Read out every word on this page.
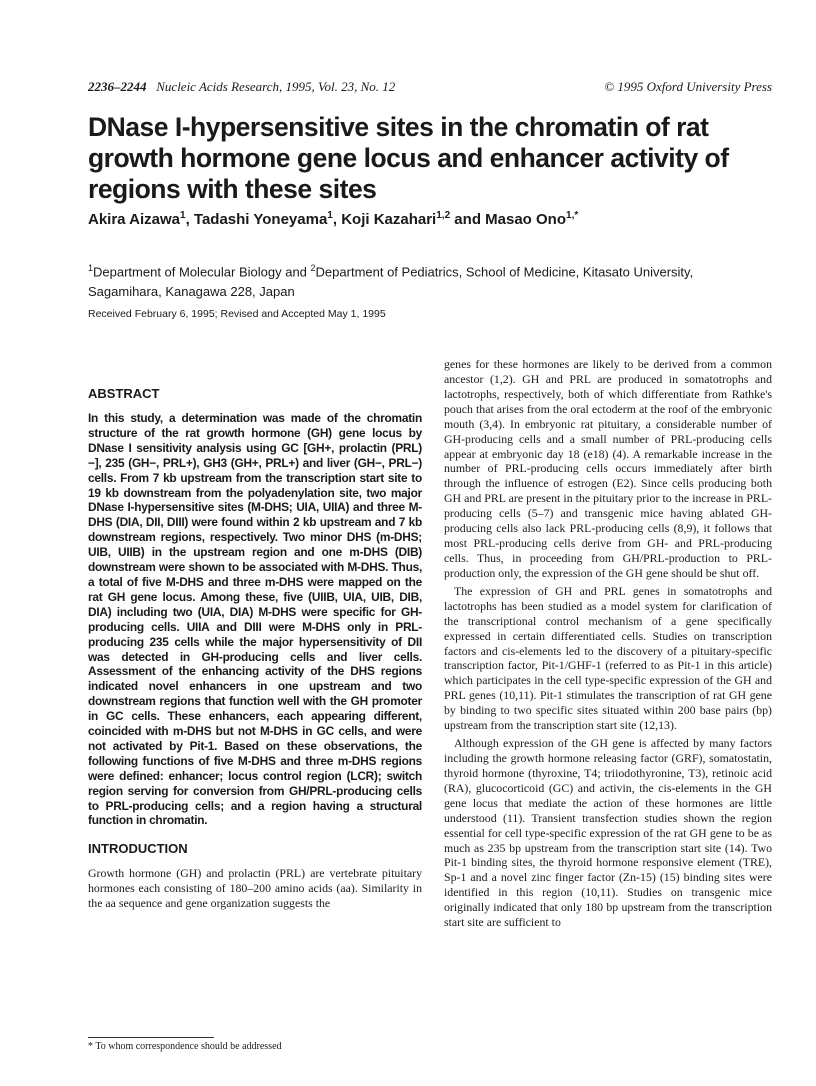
2236–2244 Nucleic Acids Research, 1995, Vol. 23, No. 12	© 1995 Oxford University Press
DNase I-hypersensitive sites in the chromatin of rat growth hormone gene locus and enhancer activity of regions with these sites
Akira Aizawa$^1$, Tadashi Yoneyama$^1$, Koji Kazahari$^{1,2}$ and Masao Ono$^{1,*}$
$^1$Department of Molecular Biology and $^2$Department of Pediatrics, School of Medicine, Kitasato University, Sagamihara, Kanagawa 228, Japan
Received February 6, 1995; Revised and Accepted May 1, 1995
ABSTRACT

In this study, a determination was made of the chromatin structure of the rat growth hormone (GH) gene locus by DNase I sensitivity analysis using GC [GH+, prolactin (PRL)−], 235 (GH−, PRL+), GH3 (GH+, PRL+) and liver (GH−, PRL−) cells. From 7 kb upstream from the transcription start site to 19 kb downstream from the polyadenylation site, two major DNase I-hypersensitive sites (M-DHS; UIA, UIIA) and three M-DHS (DIA, DII, DIII) were found within 2 kb upstream and 7 kb downstream regions, respectively. Two minor DHS (m-DHS; UIB, UIIB) in the upstream region and one m-DHS (DIB) downstream were shown to be associated with M-DHS. Thus, a total of five M-DHS and three m-DHS were mapped on the rat GH gene locus. Among these, five (UIIB, UIA, UIB, DIB, DIA) including two (UIA, DIA) M-DHS were specific for GH-producing cells. UIIA and DIII were M-DHS only in PRL-producing 235 cells while the major hypersensitivity of DII was detected in GH-producing cells and liver cells. Assessment of the enhancing activity of the DHS regions indicated novel enhancers in one upstream and two downstream regions that function well with the GH promoter in GC cells. These enhancers, each appearing different, coincided with m-DHS but not M-DHS in GC cells, and were not activated by Pit-1. Based on these observations, the following functions of five M-DHS and three m-DHS regions were defined: enhancer; locus control region (LCR); switch region serving for conversion from GH/PRL-producing cells to PRL-producing cells; and a region having a structural function in chromatin.

INTRODUCTION

Growth hormone (GH) and prolactin (PRL) are vertebrate pituitary hormones each consisting of 180–200 amino acids (aa). Similarity in the aa sequence and gene organization suggests the

genes for these hormones are likely to be derived from a common ancestor (1,2). GH and PRL are produced in somatotrophs and lactotrophs, respectively, both of which differentiate from Rathke's pouch that arises from the oral ectoderm at the roof of the embryonic mouth (3,4). In embryonic rat pituitary, a considerable number of GH-producing cells and a small number of PRL-producing cells appear at embryonic day 18 (e18) (4). A remarkable increase in the number of PRL-producing cells occurs immediately after birth through the influence of estrogen (E2). Since cells producing both GH and PRL are present in the pituitary prior to the increase in PRL-producing cells (5–7) and transgenic mice having ablated GH-producing cells also lack PRL-producing cells (8,9), it follows that most PRL-producing cells derive from GH- and PRL-producing cells. Thus, in proceeding from GH/PRL-production to PRL-production only, the expression of the GH gene should be shut off.

The expression of GH and PRL genes in somatotrophs and lactotrophs has been studied as a model system for clarification of the transcriptional control mechanism of a gene specifically expressed in certain differentiated cells. Studies on transcription factors and cis-elements led to the discovery of a pituitary-specific transcription factor, Pit-1/GHF-1 (referred to as Pit-1 in this article) which participates in the cell type-specific expression of the GH and PRL genes (10,11). Pit-1 stimulates the transcription of rat GH gene by binding to two specific sites situated within 200 base pairs (bp) upstream from the transcription start site (12,13).

Although expression of the GH gene is affected by many factors including the growth hormone releasing factor (GRF), somatostatin, thyroid hormone (thyroxine, T4; triiodothyronine, T3), retinoic acid (RA), glucocorticoid (GC) and activin, the cis-elements in the GH gene locus that mediate the action of these hormones are little understood (11). Transient transfection studies shown the region essential for cell type-specific expression of the rat GH gene to be as much as 235 bp upstream from the transcription start site (14). Two Pit-1 binding sites, the thyroid hormone responsive element (TRE), Sp-1 and a novel zinc finger factor (Zn-15) (15) binding sites were identified in this region (10,11). Studies on transgenic mice originally indicated that only 180 bp upstream from the transcription start site are sufficient to

* To whom correspondence should be addressed
